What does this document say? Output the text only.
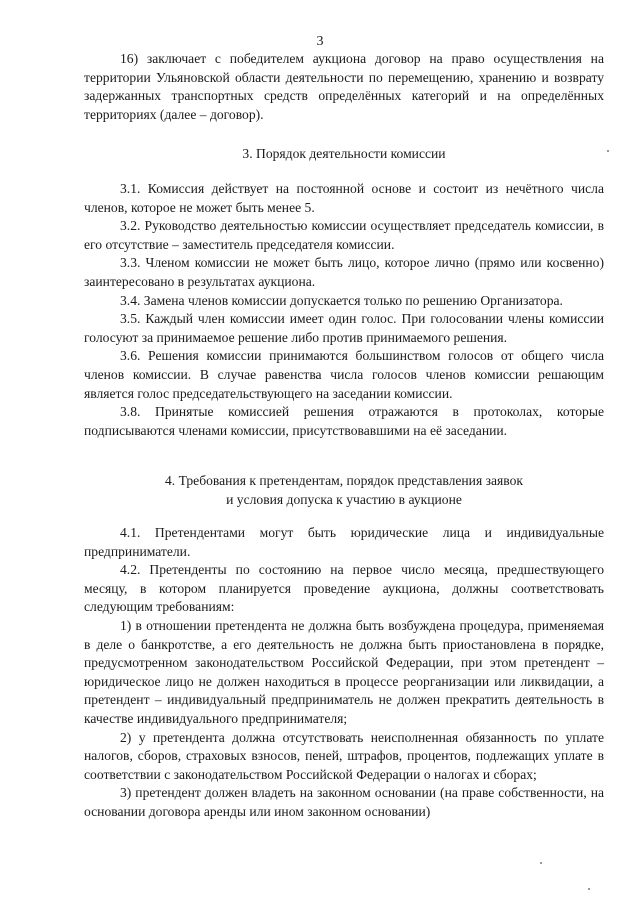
3

16) заключает с победителем аукциона договор на право осуществления на территории Ульяновской области деятельности по перемещению, хранению и возврату задержанных транспортных средств определённых категорий и на определённых территориях (далее – договор).

3. Порядок деятельности комиссии

3.1. Комиссия действует на постоянной основе и состоит из нечётного числа членов, которое не может быть менее 5.

3.2. Руководство деятельностью комиссии осуществляет председатель комиссии, в его отсутствие – заместитель председателя комиссии.

3.3. Членом комиссии не может быть лицо, которое лично (прямо или косвенно) заинтересовано в результатах аукциона.

3.4. Замена членов комиссии допускается только по решению Организатора.

3.5. Каждый член комиссии имеет один голос. При голосовании члены комиссии голосуют за принимаемое решение либо против принимаемого решения.

3.6. Решения комиссии принимаются большинством голосов от общего числа членов комиссии. В случае равенства числа голосов членов комиссии решающим является голос председательствующего на заседании комиссии.

3.8. Принятые комиссией решения отражаются в протоколах, которые подписываются членами комиссии, присутствовавшими на её заседании.

4. Требования к претендентам, порядок представления заявок

и условия допуска к участию в аукционе

4.1. Претендентами могут быть юридические лица и индивидуальные предприниматели.

4.2. Претенденты по состоянию на первое число месяца, предшествующего месяцу, в котором планируется проведение аукциона, должны соответствовать следующим требованиям:

1) в отношении претендента не должна быть возбуждена процедура, применяемая в деле о банкротстве, а его деятельность не должна быть приостановлена в порядке, предусмотренном законодательством Российской Федерации, при этом претендент – юридическое лицо не должен находиться в процессе реорганизации или ликвидации, а претендент – индивидуальный предприниматель не должен прекратить деятельность в качестве индивидуального предпринимателя;

2) у претендента должна отсутствовать неисполненная обязанность по уплате налогов, сборов, страховых взносов, пеней, штрафов, процентов, подлежащих уплате в соответствии с законодательством Российской Федерации о налогах и сборах;

3) претендент должен владеть на законном основании (на праве собственности, на основании договора аренды или ином законном основании)
